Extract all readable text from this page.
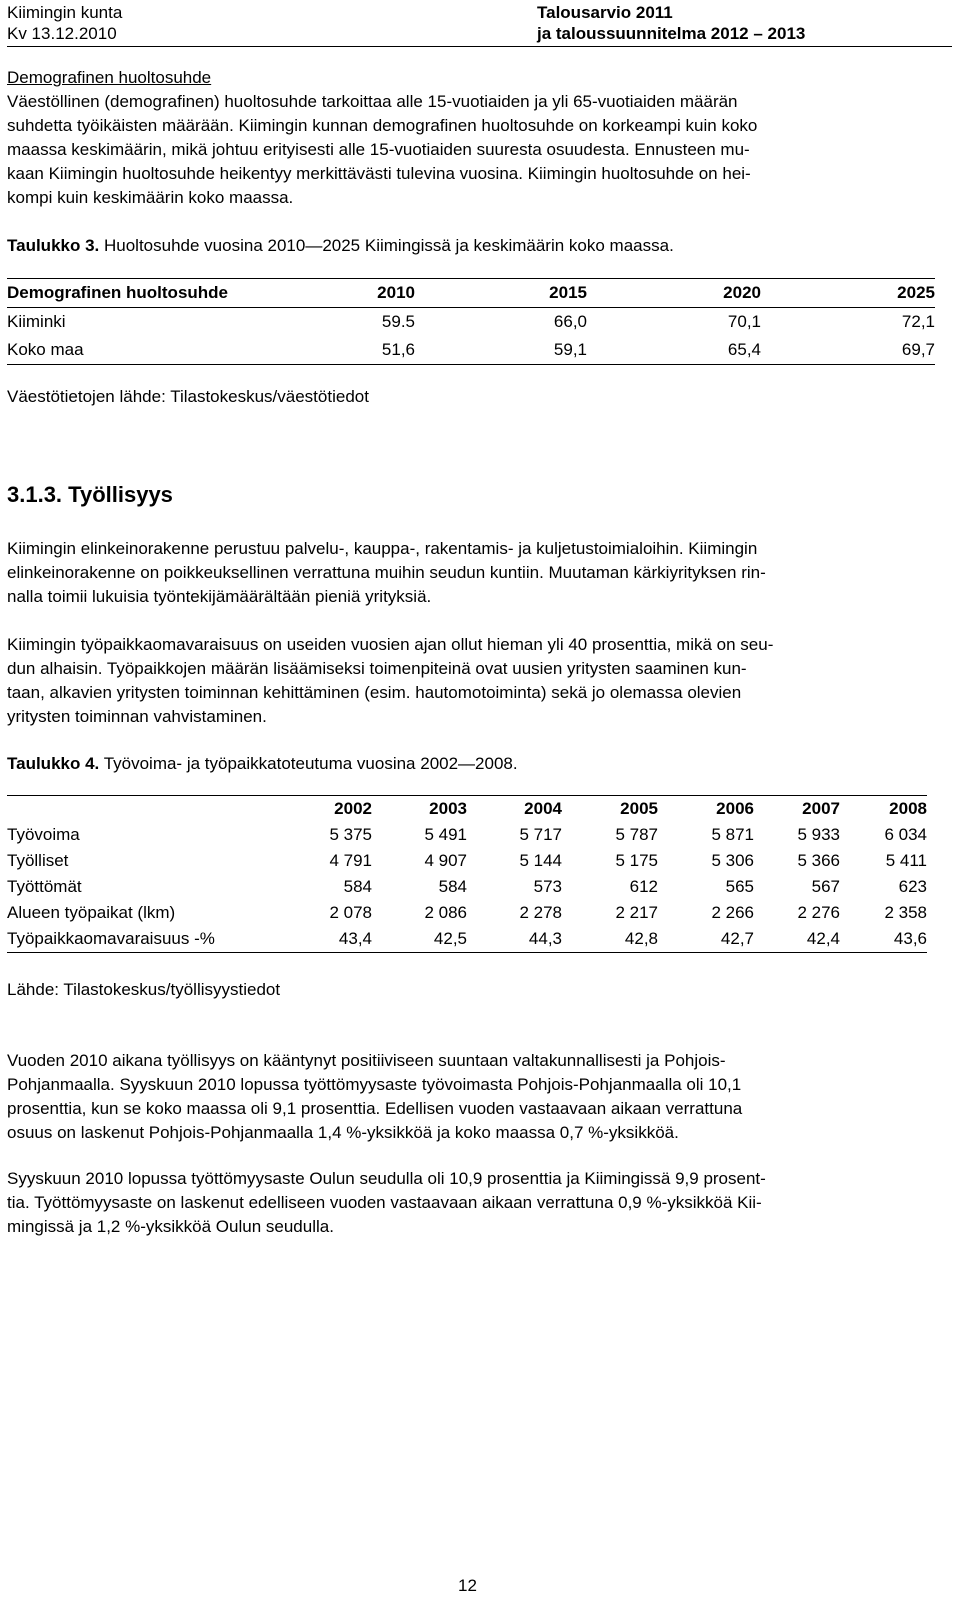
Kiimingin kunta
Kv 13.12.2010
Talousarvio 2011
ja taloussuunnitelma 2012 – 2013
Demografinen huoltosuhde
Väestöllinen (demografinen) huoltosuhde tarkoittaa alle 15-vuotiaiden ja yli 65-vuotiaiden määrän
suhdetta työikäisten määrään. Kiimingin kunnan demografinen huoltosuhde on korkeampi kuin koko
maassa keskimäärin, mikä johtuu erityisesti alle 15-vuotiaiden suuresta osuudesta. Ennusteen mu-
kaan Kiimingin huoltosuhde heikentyy merkittävästi tulevina vuosina. Kiimingin huoltosuhde on hei-
kompi kuin keskimäärin koko maassa.
Taulukko 3. Huoltosuhde vuosina 2010—2025 Kiimingissä ja keskimäärin koko maassa.
Demografinen huoltosuhde	2010	2015	2020	2025
Kiiminki	59.5	66,0	70,1	72,1
Koko maa	51,6	59,1	65,4	69,7
Väestötietojen lähde: Tilastokeskus/väestötiedot
3.1.3. Työllisyys
Kiimingin elinkeinorakenne perustuu palvelu-, kauppa-, rakentamis- ja kuljetustoimialoihin. Kiimingin
elinkeinorakenne on poikkeuksellinen verrattuna muihin seudun kuntiin. Muutaman kärkiyrityksen rin-
nalla toimii lukuisia työntekijämäärältään pieniä yrityksiä.
Kiimingin työpaikkaomavaraisuus on useiden vuosien ajan ollut hieman yli 40 prosenttia, mikä on seu-
dun alhaisin. Työpaikkojen määrän lisäämiseksi toimenpiteinä ovat uusien yritysten saaminen kun-
taan, alkavien yritysten toiminnan kehittäminen (esim. hautomotoiminta) sekä jo olemassa olevien
yritysten toiminnan vahvistaminen.
Taulukko 4. Työvoima- ja työpaikkatoteutuma vuosina 2002—2008.
	2002	2003	2004	2005	2006	2007	2008
Työvoima	5 375	5 491	5 717	5 787	5 871	5 933	6 034
Työlliset	4 791	4 907	5 144	5 175	5 306	5 366	5 411
Työttömät	584	584	573	612	565	567	623
Alueen työpaikat (lkm)	2 078	2 086	2 278	2 217	2 266	2 276	2 358
Työpaikkaomavaraisuus -%	43,4	42,5	44,3	42,8	42,7	42,4	43,6
Lähde: Tilastokeskus/työllisyystiedot
Vuoden 2010 aikana työllisyys on kääntynyt positiiviseen suuntaan valtakunnallisesti ja Pohjois-
Pohjanmaalla. Syyskuun 2010 lopussa työttömyysaste työvoimasta Pohjois-Pohjanmaalla oli 10,1
prosenttia, kun se koko maassa oli 9,1 prosenttia. Edellisen vuoden vastaavaan aikaan verrattuna
osuus on laskenut Pohjois-Pohjanmaalla 1,4 %-yksikköä ja koko maassa 0,7 %-yksikköä.
Syyskuun 2010 lopussa työttömyysaste Oulun seudulla oli 10,9 prosenttia ja Kiimingissä 9,9 prosent-
tia. Työttömyysaste on laskenut edelliseen vuoden vastaavaan aikaan verrattuna 0,9 %-yksikköä Kii-
mingissä ja 1,2 %-yksikköä Oulun seudulla.
12
